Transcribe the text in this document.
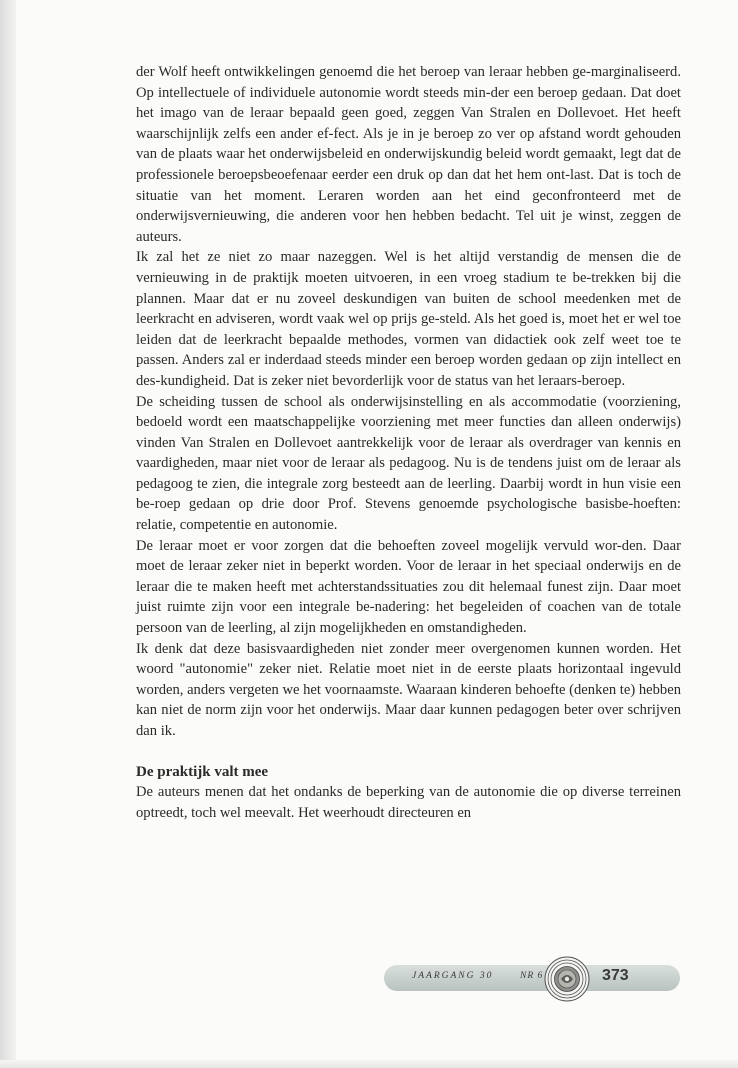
der Wolf heeft ontwikkelingen genoemd die het beroep van leraar hebben ge-marginaliseerd. Op intellectuele of individuele autonomie wordt steeds min-der een beroep gedaan. Dat doet het imago van de leraar bepaald geen goed, zeggen Van Stralen en Dollevoet. Het heeft waarschijnlijk zelfs een ander ef-fect. Als je in je beroep zo ver op afstand wordt gehouden van de plaats waar het onderwijsbeleid en onderwijskundig beleid wordt gemaakt, legt dat de professionele beroepsbeoefenaar eerder een druk op dan dat het hem ont-last. Dat is toch de situatie van het moment. Leraren worden aan het eind geconfronteerd met de onderwijsvernieuwing, die anderen voor hen hebben bedacht. Tel uit je winst, zeggen de auteurs.

Ik zal het ze niet zo maar nazeggen. Wel is het altijd verstandig de mensen die de vernieuwing in de praktijk moeten uitvoeren, in een vroeg stadium te be-trekken bij die plannen. Maar dat er nu zoveel deskundigen van buiten de school meedenken met de leerkracht en adviseren, wordt vaak wel op prijs ge-steld. Als het goed is, moet het er wel toe leiden dat de leerkracht bepaalde methodes, vormen van didactiek ook zelf weet toe te passen. Anders zal er inderdaad steeds minder een beroep worden gedaan op zijn intellect en des-kundigheid. Dat is zeker niet bevorderlijk voor de status van het leraars-beroep.

De scheiding tussen de school als onderwijsinstelling en als accommodatie (voorziening, bedoeld wordt een maatschappelijke voorziening met meer functies dan alleen onderwijs) vinden Van Stralen en Dollevoet aantrekkelijk voor de leraar als overdrager van kennis en vaardigheden, maar niet voor de leraar als pedagoog. Nu is de tendens juist om de leraar als pedagoog te zien, die integrale zorg besteedt aan de leerling. Daarbij wordt in hun visie een be-roep gedaan op drie door Prof. Stevens genoemde psychologische basisbe-hoeften: relatie, competentie en autonomie.

De leraar moet er voor zorgen dat die behoeften zoveel mogelijk vervuld wor-den. Daar moet de leraar zeker niet in beperkt worden. Voor de leraar in het speciaal onderwijs en de leraar die te maken heeft met achterstandssituaties zou dit helemaal funest zijn. Daar moet juist ruimte zijn voor een integrale be-nadering: het begeleiden of coachen van de totale persoon van de leerling, al zijn mogelijkheden en omstandigheden.

Ik denk dat deze basisvaardigheden niet zonder meer overgenomen kunnen worden. Het woord "autonomie" zeker niet. Relatie moet niet in de eerste plaats horizontaal ingevuld worden, anders vergeten we het voornaamste. Waaraan kinderen behoefte (denken te) hebben kan niet de norm zijn voor het onderwijs. Maar daar kunnen pedagogen beter over schrijven dan ik.

De praktijk valt mee

De auteurs menen dat het ondanks de beperking van de autonomie die op diverse terreinen optreedt, toch wel meevalt. Het weerhoudt directeuren en

JAARGANG 30	NR 6	373
